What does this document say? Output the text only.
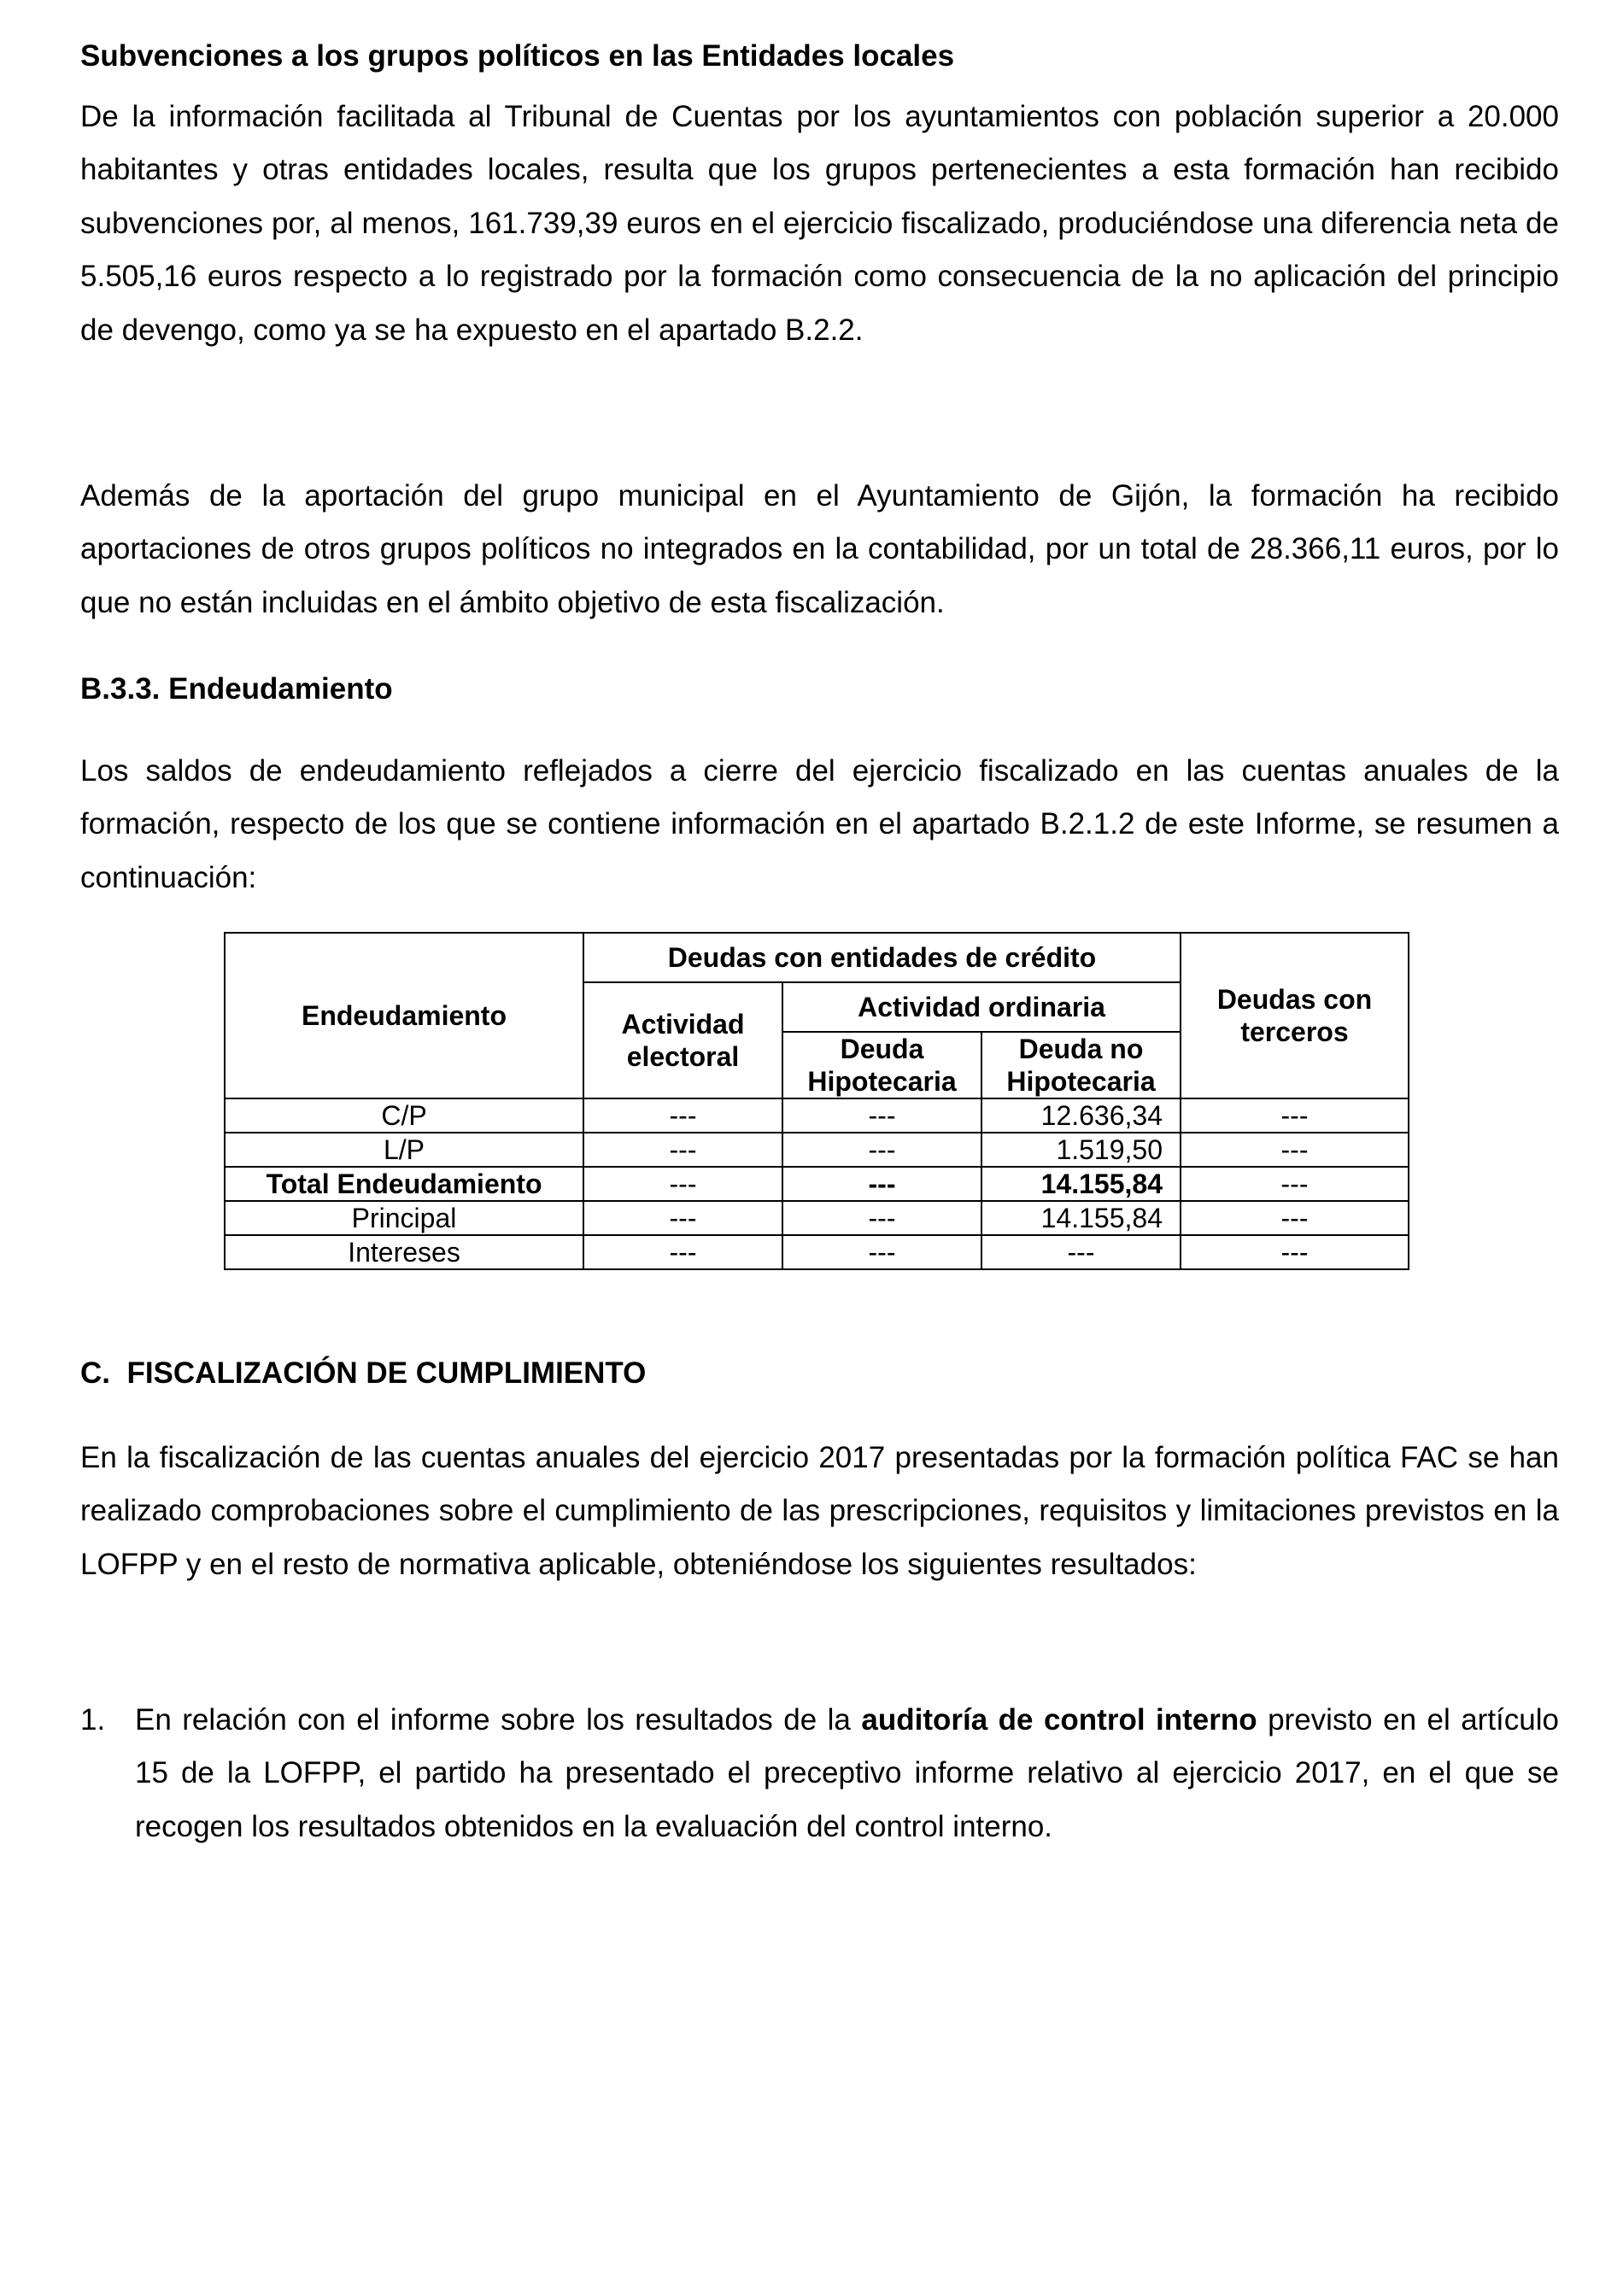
Subvenciones a los grupos políticos en las Entidades locales

De la información facilitada al Tribunal de Cuentas por los ayuntamientos con población superior a 20.000 habitantes y otras entidades locales, resulta que los grupos pertenecientes a esta formación han recibido subvenciones por, al menos, 161.739,39 euros en el ejercicio fiscalizado, produciéndose una diferencia neta de 5.505,16 euros respecto a lo registrado por la formación como consecuencia de la no aplicación del principio de devengo, como ya se ha expuesto en el apartado B.2.2.

Además de la aportación del grupo municipal en el Ayuntamiento de Gijón, la formación ha recibido aportaciones de otros grupos políticos no integrados en la contabilidad, por un total de 28.366,11 euros, por lo que no están incluidas en el ámbito objetivo de esta fiscalización.

B.3.3. Endeudamiento

Los saldos de endeudamiento reflejados a cierre del ejercicio fiscalizado en las cuentas anuales de la formación, respecto de los que se contiene información en el apartado B.2.1.2 de este Informe, se resumen a continuación:

Endeudamiento	Deudas con entidades de crédito			Deudas con terceros
	Actividad electoral	Actividad ordinaria		
		Deuda Hipotecaria	Deuda no Hipotecaria	
C/P	---	---	12.636,34	---
L/P	---	---	1.519,50	---
Total Endeudamiento	---	---	14.155,84	---
Principal	---	---	14.155,84	---
Intereses	---	---	---	---

C.  FISCALIZACIÓN DE CUMPLIMIENTO

En la fiscalización de las cuentas anuales del ejercicio 2017 presentadas por la formación política FAC se han realizado comprobaciones sobre el cumplimiento de las prescripciones, requisitos y limitaciones previstos en la LOFPP y en el resto de normativa aplicable, obteniéndose los siguientes resultados:

1. En relación con el informe sobre los resultados de la auditoría de control interno previsto en el artículo 15 de la LOFPP, el partido ha presentado el preceptivo informe relativo al ejercicio 2017, en el que se recogen los resultados obtenidos en la evaluación del control interno.
